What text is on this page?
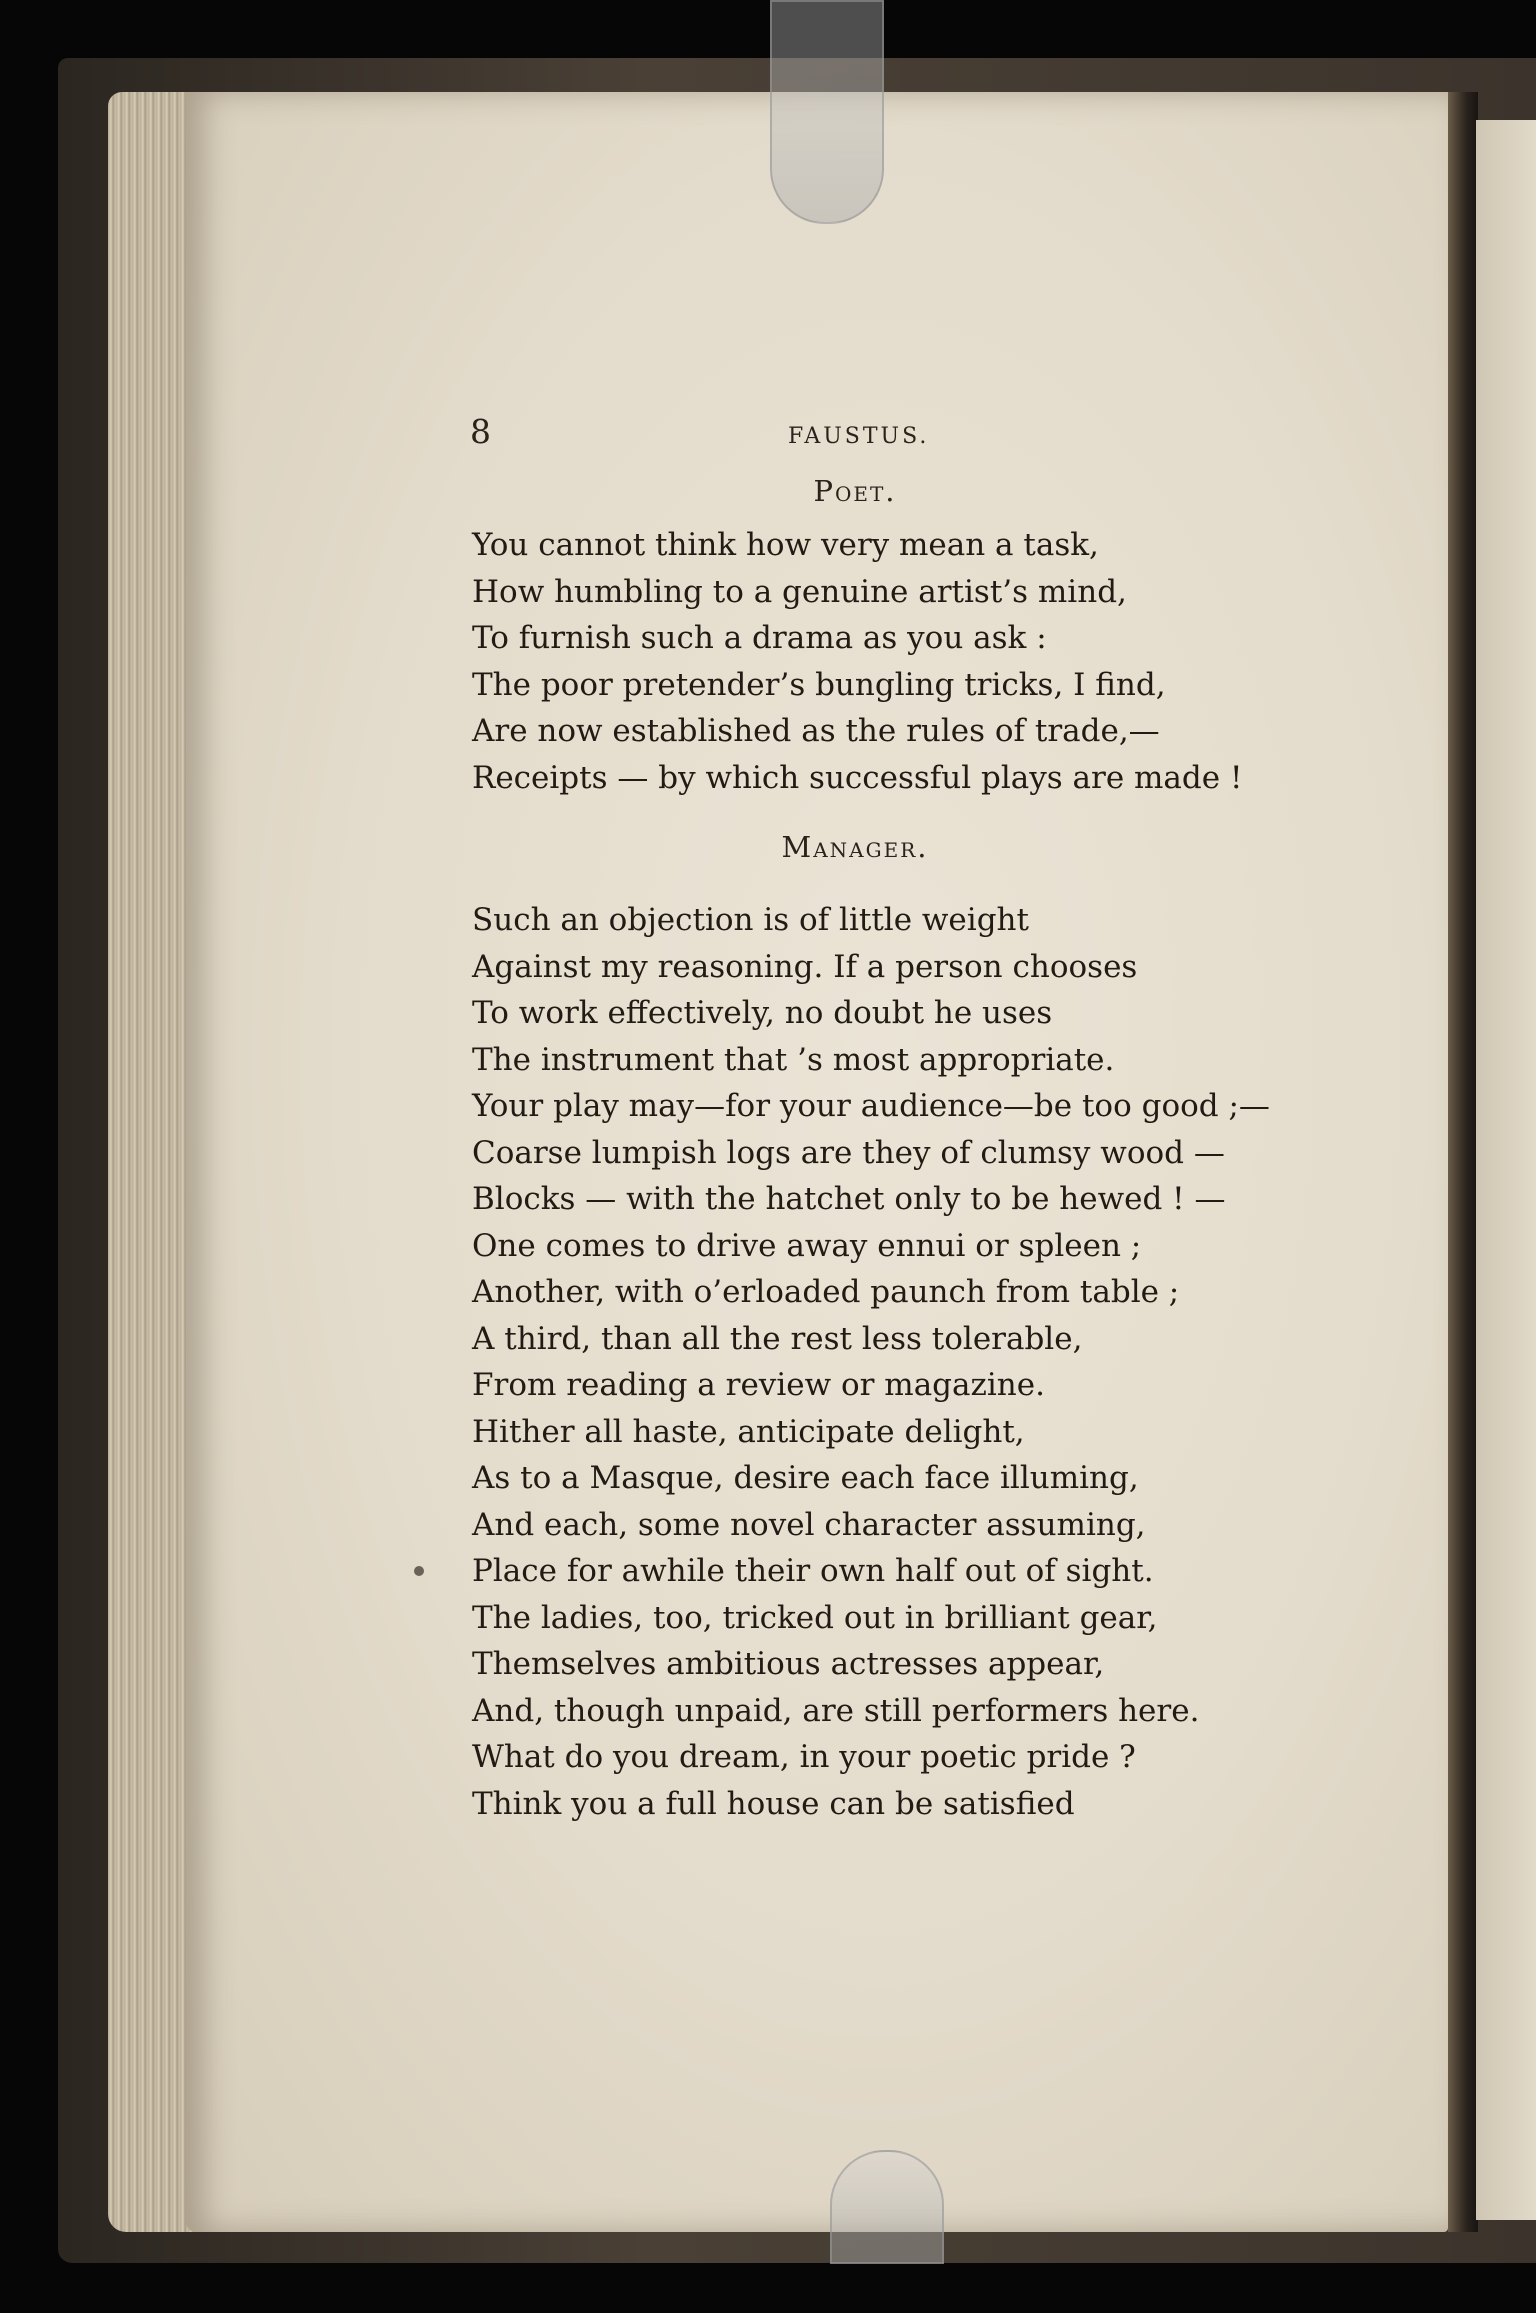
8	FAUSTUS.
Poet.
You cannot think how very mean a task,
How humbling to a genuine artist’s mind,
To furnish such a drama as you ask :
The poor pretender’s bungling tricks, I find,
Are now established as the rules of trade,—
Receipts — by which successful plays are made !
Manager.
Such an objection is of little weight
Against my reasoning. If a person chooses
To work effectively, no doubt he uses
The instrument that ’s most appropriate.
Your play may—for your audience—be too good ;—
Coarse lumpish logs are they of clumsy wood —
Blocks — with the hatchet only to be hewed ! —
One comes to drive away ennui or spleen ;
Another, with o’erloaded paunch from table ;
A third, than all the rest less tolerable,
From reading a review or magazine.
Hither all haste, anticipate delight,
As to a Masque, desire each face illuming,
And each, some novel character assuming,
Place for awhile their own half out of sight.
The ladies, too, tricked out in brilliant gear,
Themselves ambitious actresses appear,
And, though unpaid, are still performers here.
What do you dream, in your poetic pride ?
Think you a full house can be satisfied
